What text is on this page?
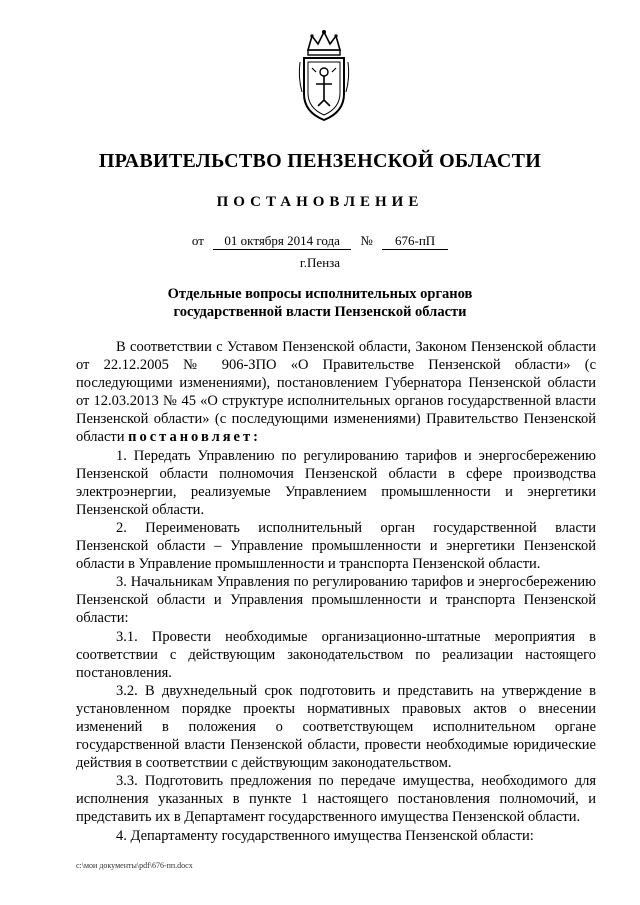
ПРАВИТЕЛЬСТВО ПЕНЗЕНСКОЙ ОБЛАСТИ
ПОСТАНОВЛЕНИЕ
от 01 октября 2014 года № 676-пП
г.Пенза
Отдельные вопросы исполнительных органов
государственной власти Пензенской области

В соответствии с Уставом Пензенской области, Законом Пензенской области от 22.12.2005 № 906-ЗПО «О Правительстве Пензенской области» (с последующими изменениями), постановлением Губернатора Пензенской области от 12.03.2013 № 45 «О структуре исполнительных органов государственной власти Пензенской области» (с последующими изменениями) Правительство Пензенской области постановляет:

1. Передать Управлению по регулированию тарифов и энергосбережению Пензенской области полномочия Пензенской области в сфере производства электроэнергии, реализуемые Управлением промышленности и энергетики Пензенской области.

2. Переименовать исполнительный орган государственной власти Пензенской области – Управление промышленности и энергетики Пензенской области в Управление промышленности и транспорта Пензенской области.

3. Начальникам Управления по регулированию тарифов и энергосбережению Пензенской области и Управления промышленности и транспорта Пензенской области:

3.1. Провести необходимые организационно-штатные мероприятия в соответствии с действующим законодательством по реализации настоящего постановления.

3.2. В двухнедельный срок подготовить и представить на утверждение в установленном порядке проекты нормативных правовых актов о внесении изменений в положения о соответствующем исполнительном органе государственной власти Пензенской области, провести необходимые юридические действия в соответствии с действующим законодательством.

3.3. Подготовить предложения по передаче имущества, необходимого для исполнения указанных в пункте 1 настоящего постановления полномочий, и представить их в Департамент государственного имущества Пензенской области.

4. Департаменту государственного имущества Пензенской области:

c:\мои документы\pdf\676-пп.docx
